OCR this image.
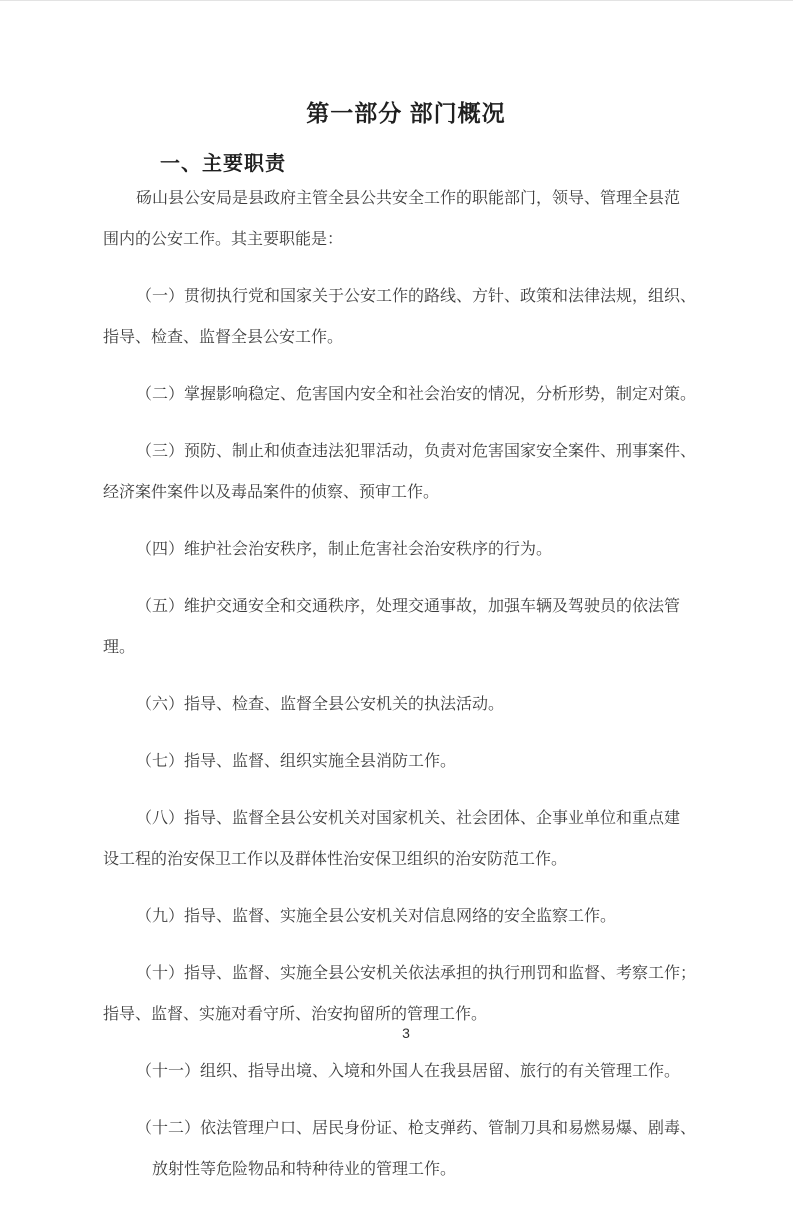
第一部分 部门概况
一、主要职责

砀山县公安局是县政府主管全县公共安全工作的职能部门，领导、管理全县范
围内的公安工作。其主要职能是：

（一）贯彻执行党和国家关于公安工作的路线、方针、政策和法律法规，组织、
指导、检查、监督全县公安工作。

（二）掌握影响稳定、危害国内安全和社会治安的情况，分析形势，制定对策。

（三）预防、制止和侦查违法犯罪活动，负责对危害国家安全案件、刑事案件、
经济案件案件以及毒品案件的侦察、预审工作。

（四）维护社会治安秩序，制止危害社会治安秩序的行为。

（五）维护交通安全和交通秩序，处理交通事故，加强车辆及驾驶员的依法管
理。

（六）指导、检查、监督全县公安机关的执法活动。

（七）指导、监督、组织实施全县消防工作。

（八）指导、监督全县公安机关对国家机关、社会团体、企事业单位和重点建
设工程的治安保卫工作以及群体性治安保卫组织的治安防范工作。

（九）指导、监督、实施全县公安机关对信息网络的安全监察工作。

（十）指导、监督、实施全县公安机关依法承担的执行刑罚和监督、考察工作；
指导、监督、实施对看守所、治安拘留所的管理工作。

（十一）组织、指导出境、入境和外国人在我县居留、旅行的有关管理工作。

（十二）依法管理户口、居民身份证、枪支弹药、管制刀具和易燃易爆、剧毒、
放射性等危险物品和特种待业的管理工作。

3
